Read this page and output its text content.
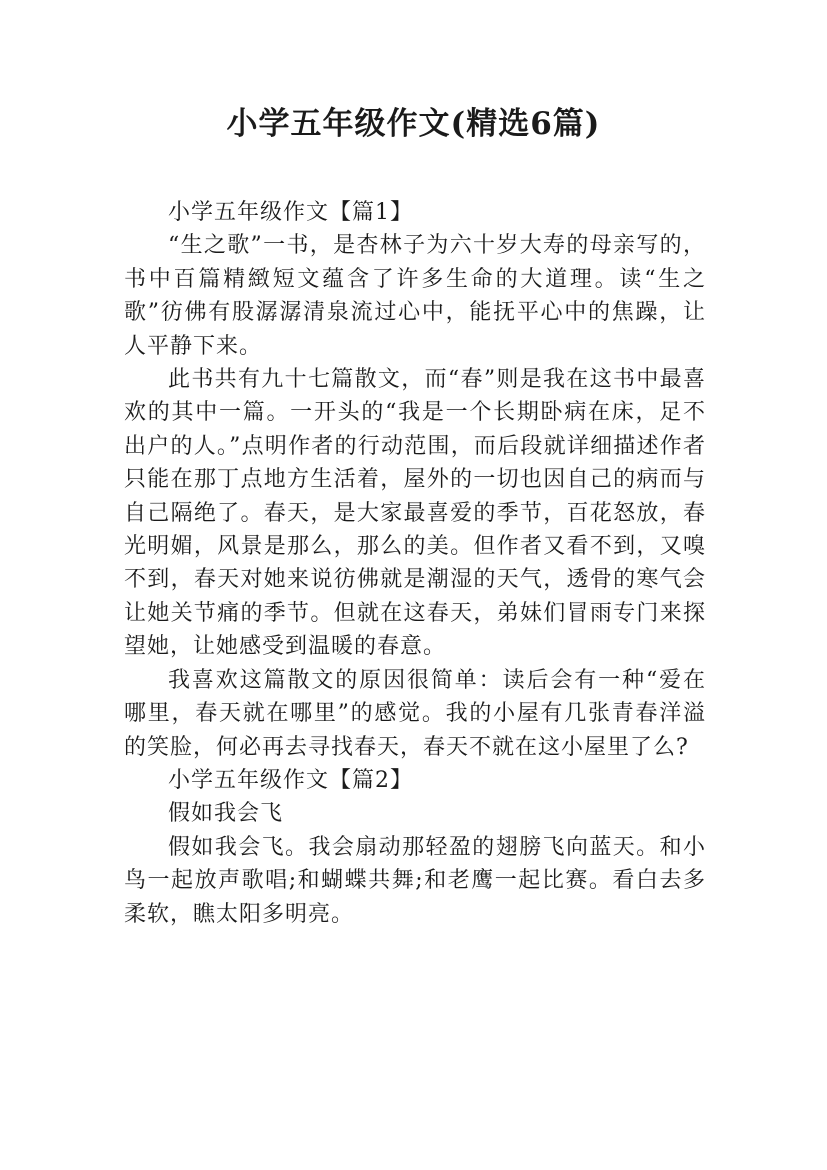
小学五年级作文(精选6篇)

小学五年级作文【篇1】

“生之歌”一书，是杏林子为六十岁大寿的母亲写的，书中百篇精緻短文蕴含了许多生命的大道理。读“生之歌”彷佛有股潺潺清泉流过心中，能抚平心中的焦躁，让人平静下来。

此书共有九十七篇散文，而“春”则是我在这书中最喜欢的其中一篇。一开头的“我是一个长期卧病在床，足不出户的人。”点明作者的行动范围，而后段就详细描述作者只能在那丁点地方生活着，屋外的一切也因自己的病而与自己隔绝了。春天，是大家最喜爱的季节，百花怒放，春光明媚，风景是那么，那么的美。但作者又看不到，又嗅不到，春天对她来说彷佛就是潮湿的天气，透骨的寒气会让她关节痛的季节。但就在这春天，弟妹们冒雨专门来探望她，让她感受到温暖的春意。

我喜欢这篇散文的原因很简单：读后会有一种“爱在哪里，春天就在哪里”的感觉。我的小屋有几张青春洋溢的笑脸，何必再去寻找春天，春天不就在这小屋里了么?

小学五年级作文【篇2】

假如我会飞

假如我会飞。我会扇动那轻盈的翅膀飞向蓝天。和小鸟一起放声歌唱;和蝴蝶共舞;和老鹰一起比赛。看白去多柔软，瞧太阳多明亮。
